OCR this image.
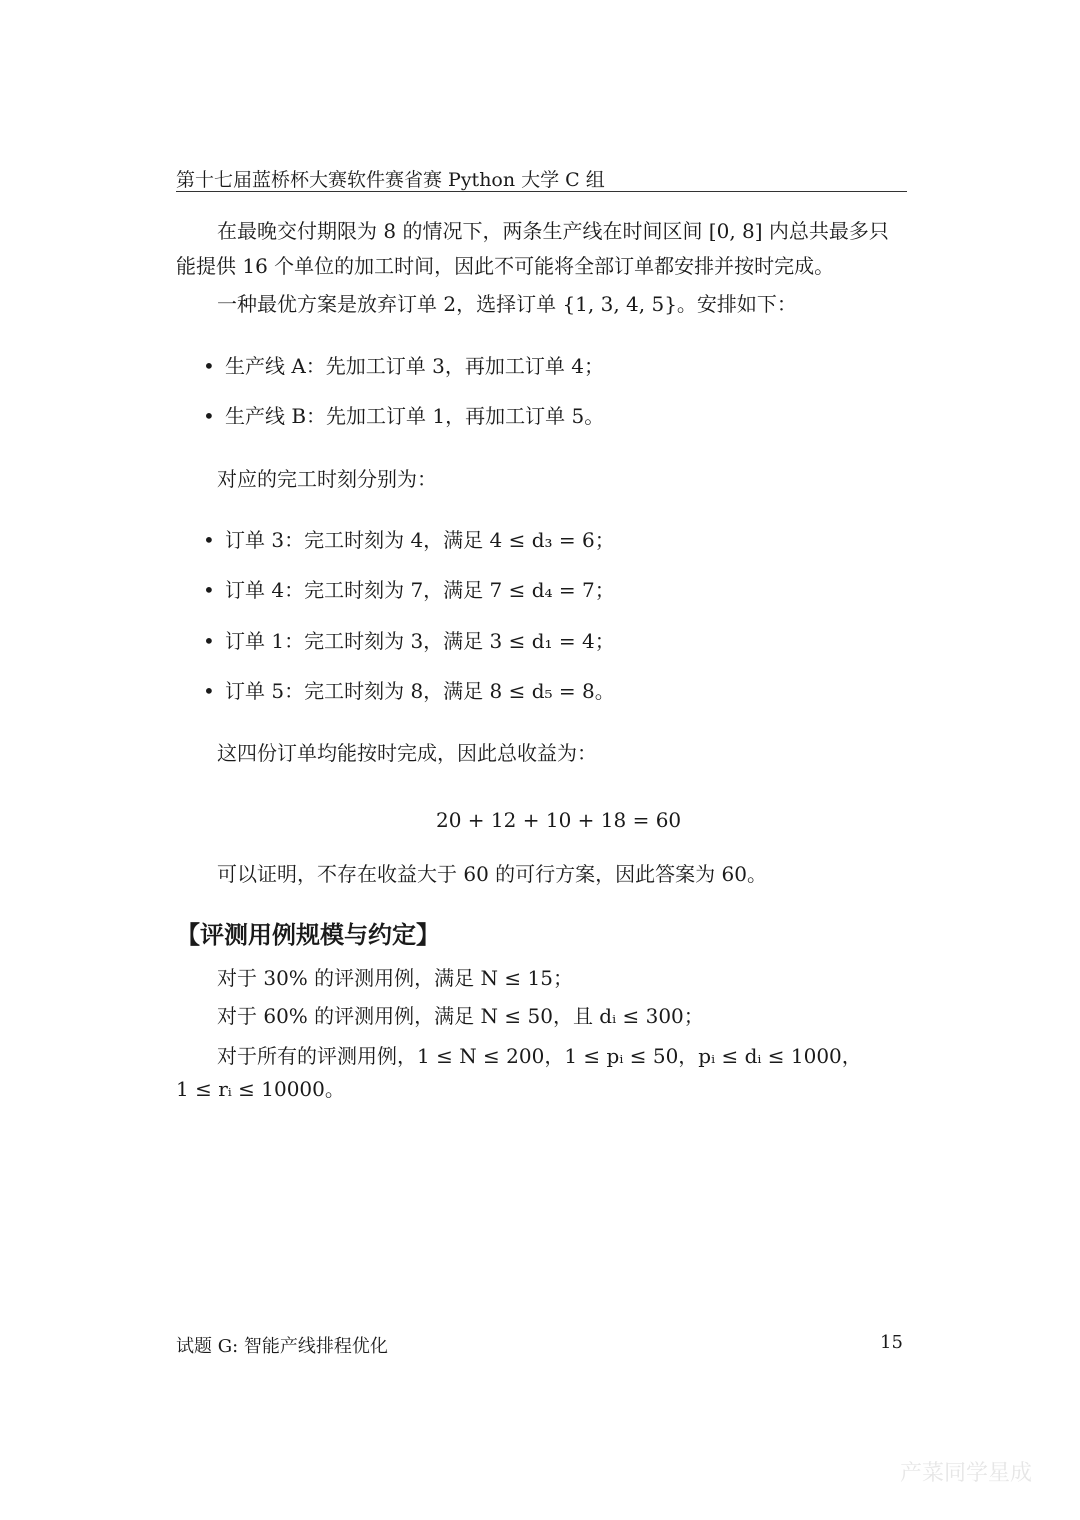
第十七届蓝桥杯大赛软件赛省赛 Python 大学 C 组
在最晚交付期限为 8 的情况下，两条生产线在时间区间 [0, 8] 内总共最多只
能提供 16 个单位的加工时间，因此不可能将全部订单都安排并按时完成。
一种最优方案是放弃订单 2，选择订单 {1, 3, 4, 5}。安排如下：
• 生产线 A：先加工订单 3，再加工订单 4；
• 生产线 B：先加工订单 1，再加工订单 5。
对应的完工时刻分别为：
• 订单 3：完工时刻为 4，满足 4 ≤ d₃ = 6；
• 订单 4：完工时刻为 7，满足 7 ≤ d₄ = 7；
• 订单 1：完工时刻为 3，满足 3 ≤ d₁ = 4；
• 订单 5：完工时刻为 8，满足 8 ≤ d₅ = 8。
这四份订单均能按时完成，因此总收益为：
20 + 12 + 10 + 18 = 60
可以证明，不存在收益大于 60 的可行方案，因此答案为 60。
【评测用例规模与约定】
对于 30% 的评测用例，满足 N ≤ 15；
对于 60% 的评测用例，满足 N ≤ 50，且 dᵢ ≤ 300；
对于所有的评测用例，1 ≤ N ≤ 200，1 ≤ pᵢ ≤ 50，pᵢ ≤ dᵢ ≤ 1000，
1 ≤ rᵢ ≤ 10000。
试题 G: 智能产线排程优化	15
产菜同学星成
